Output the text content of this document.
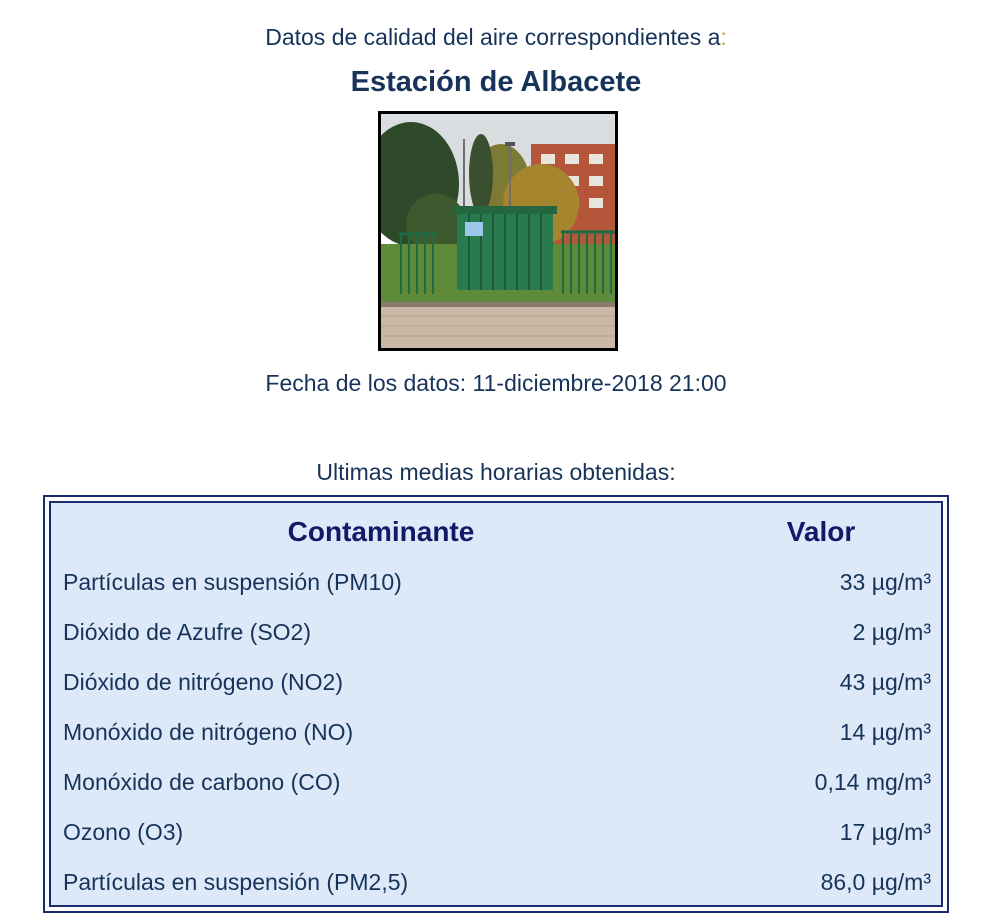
Datos de calidad del aire correspondientes a:
Estación de Albacete
Fecha de los datos: 11-diciembre-2018 21:00
Ultimas medias horarias obtenidas:
Contaminante	Valor
Partículas en suspensión (PM10)	33 µg/m³
Dióxido de Azufre (SO2)	2 µg/m³
Dióxido de nitrógeno (NO2)	43 µg/m³
Monóxido de nitrógeno (NO)	14 µg/m³
Monóxido de carbono (CO)	0,14 mg/m³
Ozono (O3)	17 µg/m³
Partículas en suspensión (PM2,5)	86,0 µg/m³
